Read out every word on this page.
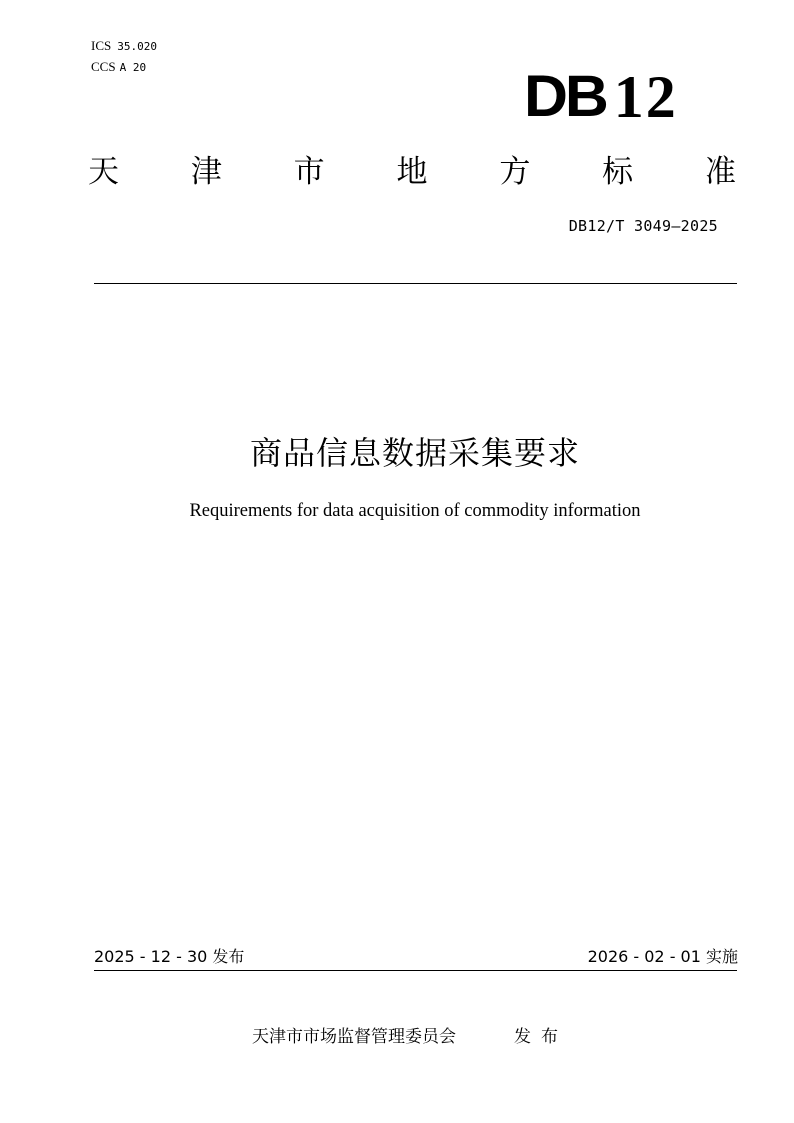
ICS 35.020
CCS A 20	DB 12
天 津 市 地 方 标 准
DB12/T 3049—2025
商品信息数据采集要求
Requirements for data acquisition of commodity information
2025 - 12 - 30 发布	2026 - 02 - 01 实施
天津市市场监督管理委员会	发布
